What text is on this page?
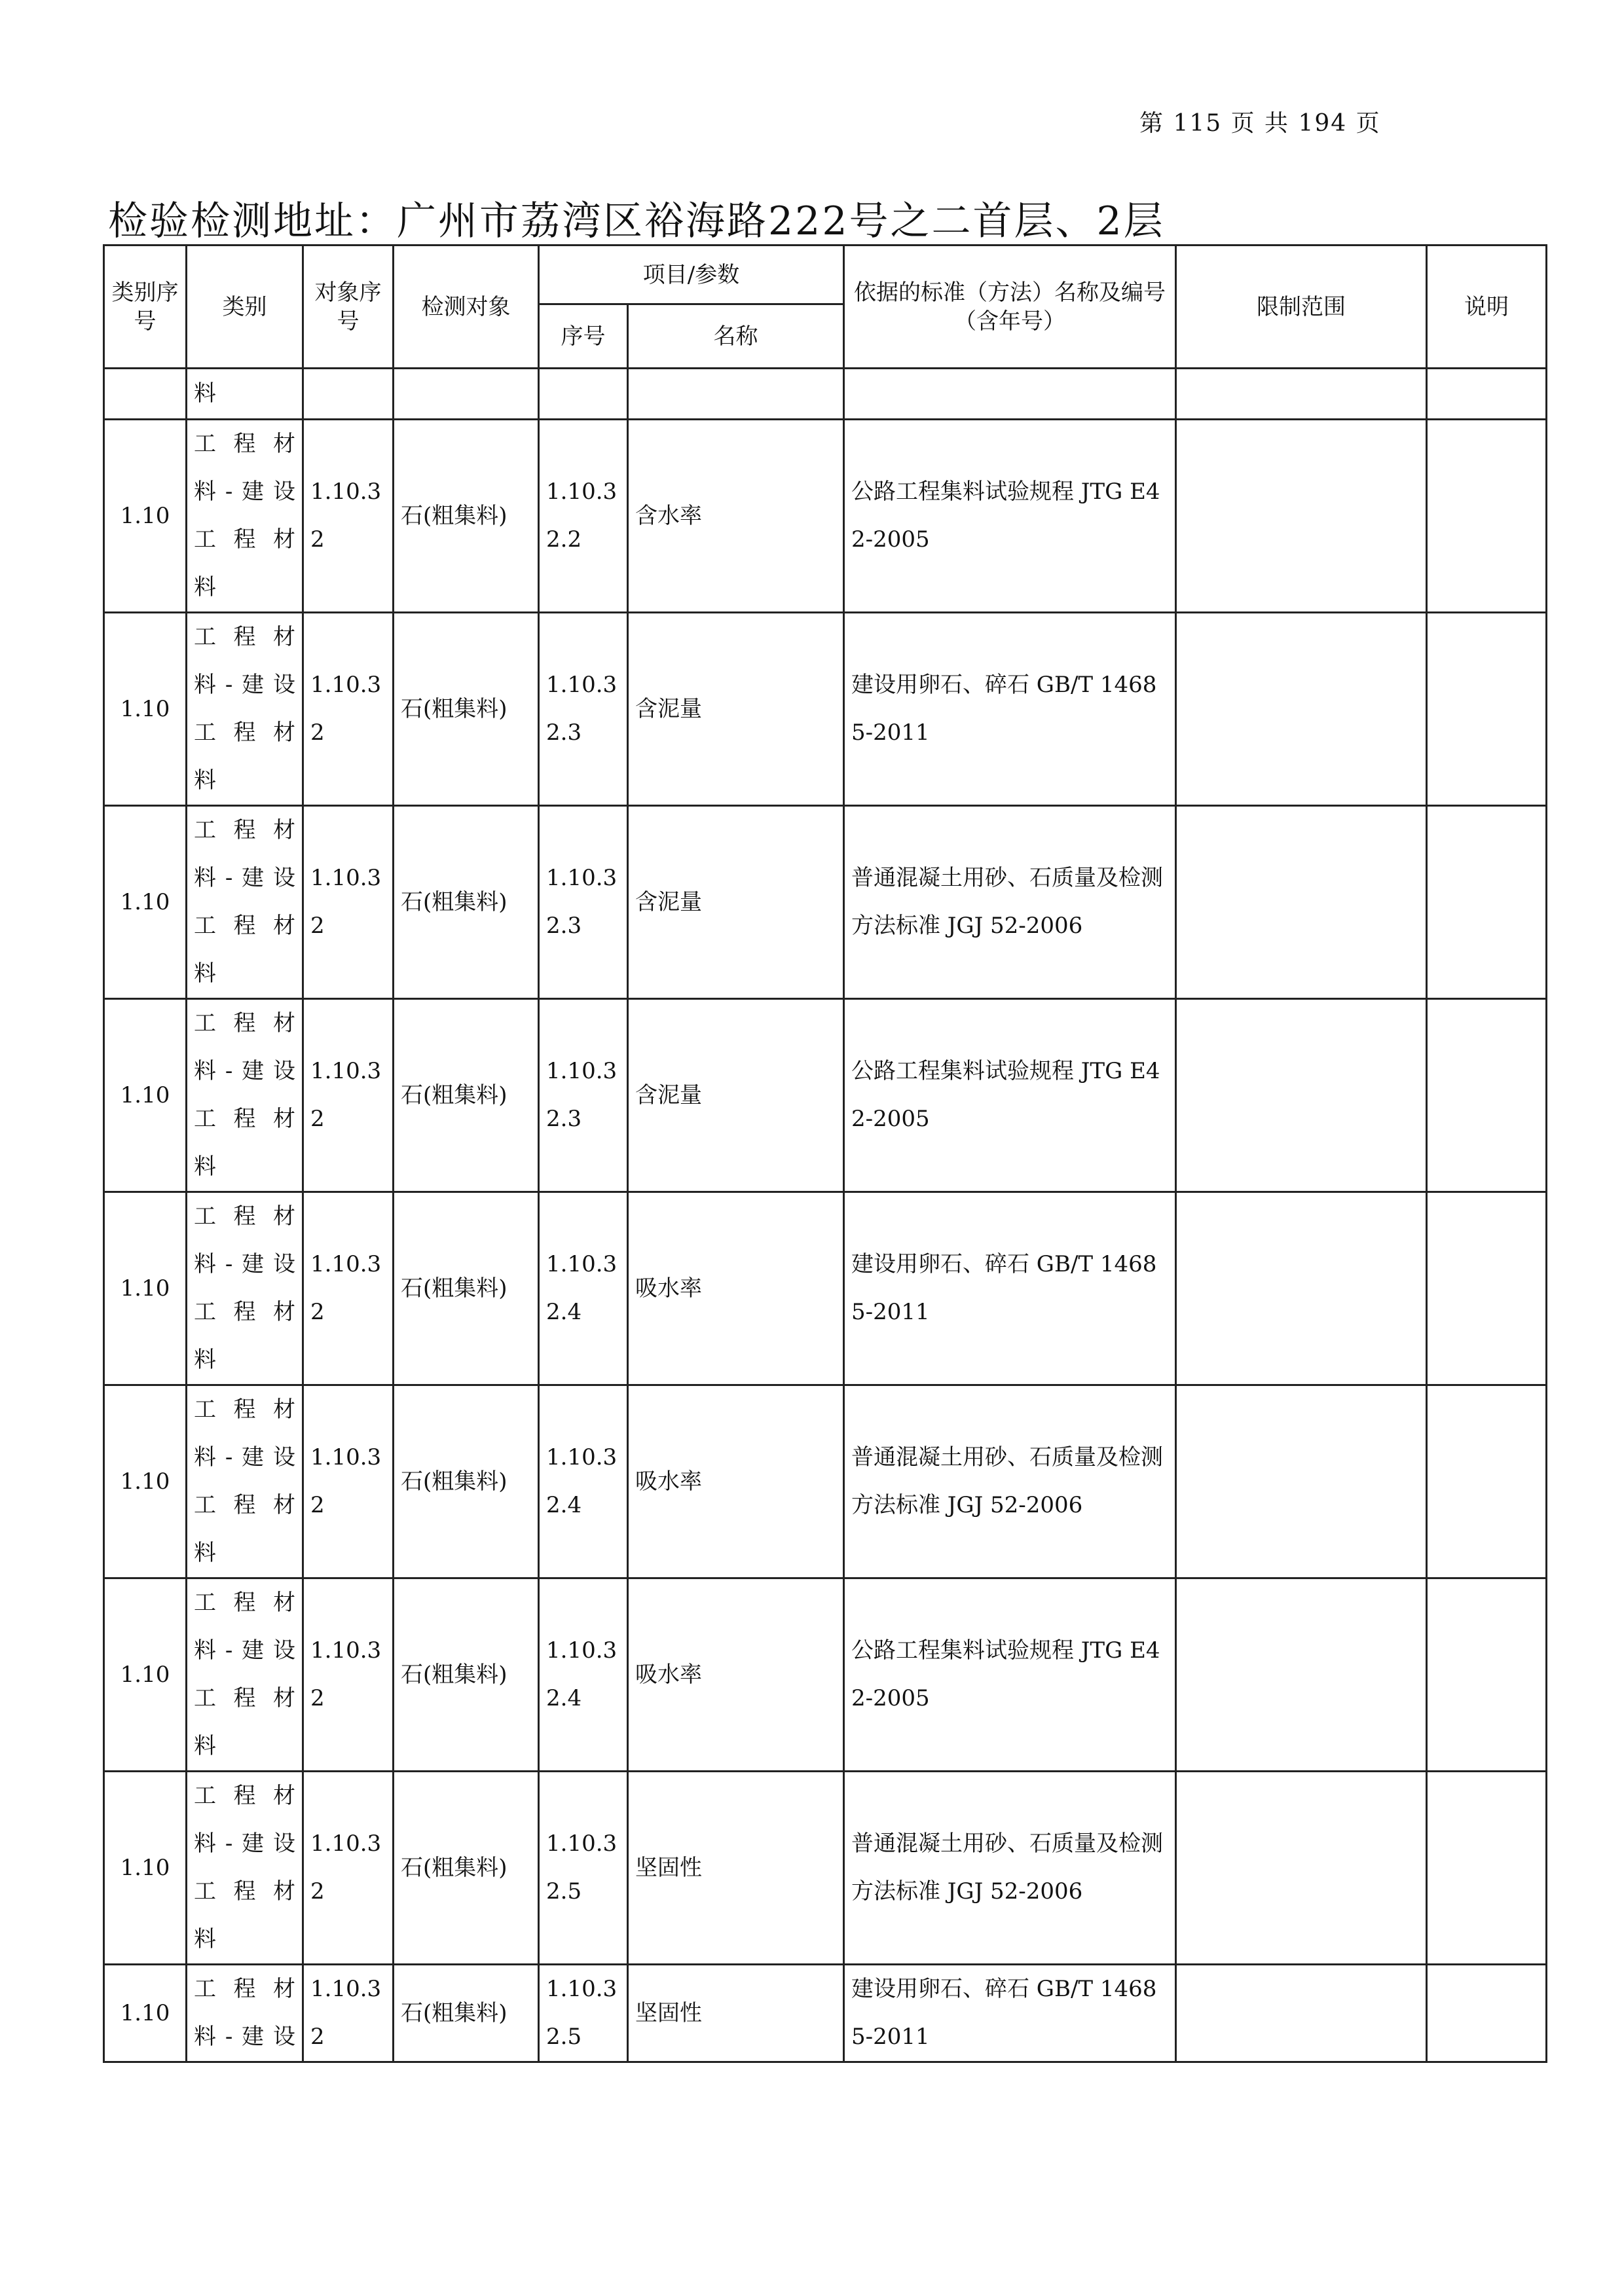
第 115 页 共 194 页
检验检测地址：广州市荔湾区裕海路222号之二首层、2层
类别序号	类别	对象序号	检测对象	项目/参数		依据的标准（方法）名称及编号（含年号）	限制范围	说明
				序号	名称			
	料							
1.10	工程材
料-建设
工程材
料	1.10.32	石(粗集料)	1.10.32.2	含水率	公路工程集料试验规程 JTG E42-2005		
1.10	工程材
料-建设
工程材
料	1.10.32	石(粗集料)	1.10.32.3	含泥量	建设用卵石、碎石 GB/T 14685-2011		
1.10	工程材
料-建设
工程材
料	1.10.32	石(粗集料)	1.10.32.3	含泥量	普通混凝土用砂、石质量及检测方法标准 JGJ 52-2006		
1.10	工程材
料-建设
工程材
料	1.10.32	石(粗集料)	1.10.32.3	含泥量	公路工程集料试验规程 JTG E42-2005		
1.10	工程材
料-建设
工程材
料	1.10.32	石(粗集料)	1.10.32.4	吸水率	建设用卵石、碎石 GB/T 14685-2011		
1.10	工程材
料-建设
工程材
料	1.10.32	石(粗集料)	1.10.32.4	吸水率	普通混凝土用砂、石质量及检测方法标准 JGJ 52-2006		
1.10	工程材
料-建设
工程材
料	1.10.32	石(粗集料)	1.10.32.4	吸水率	公路工程集料试验规程 JTG E42-2005		
1.10	工程材
料-建设
工程材
料	1.10.32	石(粗集料)	1.10.32.5	坚固性	普通混凝土用砂、石质量及检测方法标准 JGJ 52-2006		
1.10	工程材
料-建设	1.10.32	石(粗集料)	1.10.32.5	坚固性	建设用卵石、碎石 GB/T 14685-2011		
